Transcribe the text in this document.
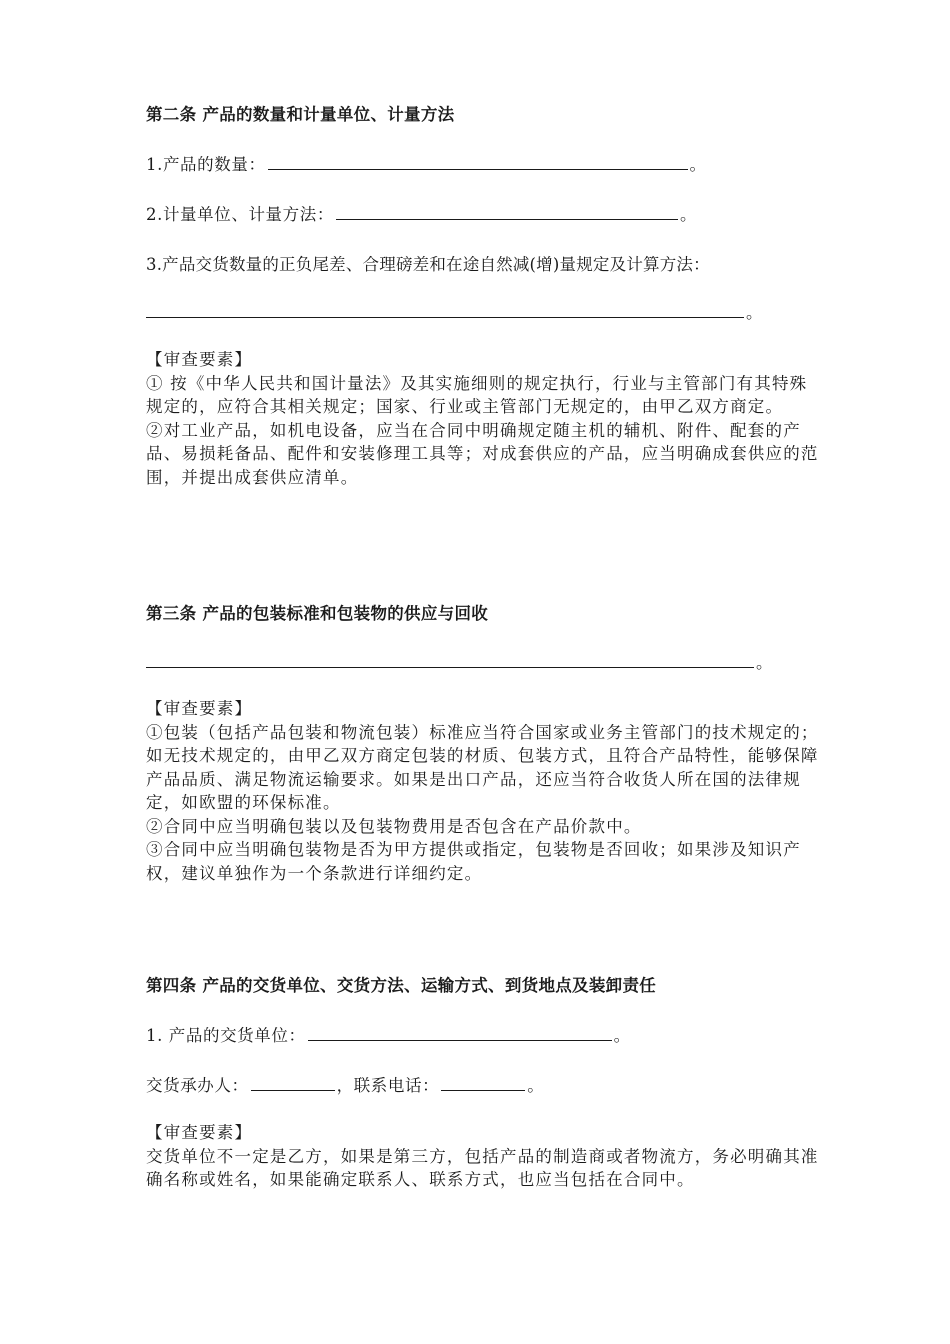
第二条 产品的数量和计量单位、计量方法
1.产品的数量：	。
2.计量单位、计量方法：	。
3.产品交货数量的正负尾差、合理磅差和在途自然减(增)量规定及计算方法：
。

【审查要素】

① 按《中华人民共和国计量法》及其实施细则的规定执行，行业与主管部门有其特殊规定的，应符合其相关规定；国家、行业或主管部门无规定的，由甲乙双方商定。

②对工业产品，如机电设备，应当在合同中明确规定随主机的辅机、附件、配套的产品、易损耗备品、配件和安装修理工具等；对成套供应的产品，应当明确成套供应的范围，并提出成套供应清单。

第三条 产品的包装标准和包装物的供应与回收
。

【审查要素】

①包装（包括产品包装和物流包装）标准应当符合国家或业务主管部门的技术规定的；如无技术规定的，由甲乙双方商定包装的材质、包装方式，且符合产品特性，能够保障产品品质、满足物流运输要求。如果是出口产品，还应当符合收货人所在国的法律规定，如欧盟的环保标准。

②合同中应当明确包装以及包装物费用是否包含在产品价款中。

③合同中应当明确包装物是否为甲方提供或指定，包装物是否回收；如果涉及知识产权，建议单独作为一个条款进行详细约定。

第四条 产品的交货单位、交货方法、运输方式、到货地点及装卸责任
1. 产品的交货单位：	。
交货承办人：	，联系电话：	。

【审查要素】

交货单位不一定是乙方，如果是第三方，包括产品的制造商或者物流方，务必明确其准确名称或姓名，如果能确定联系人、联系方式，也应当包括在合同中。
